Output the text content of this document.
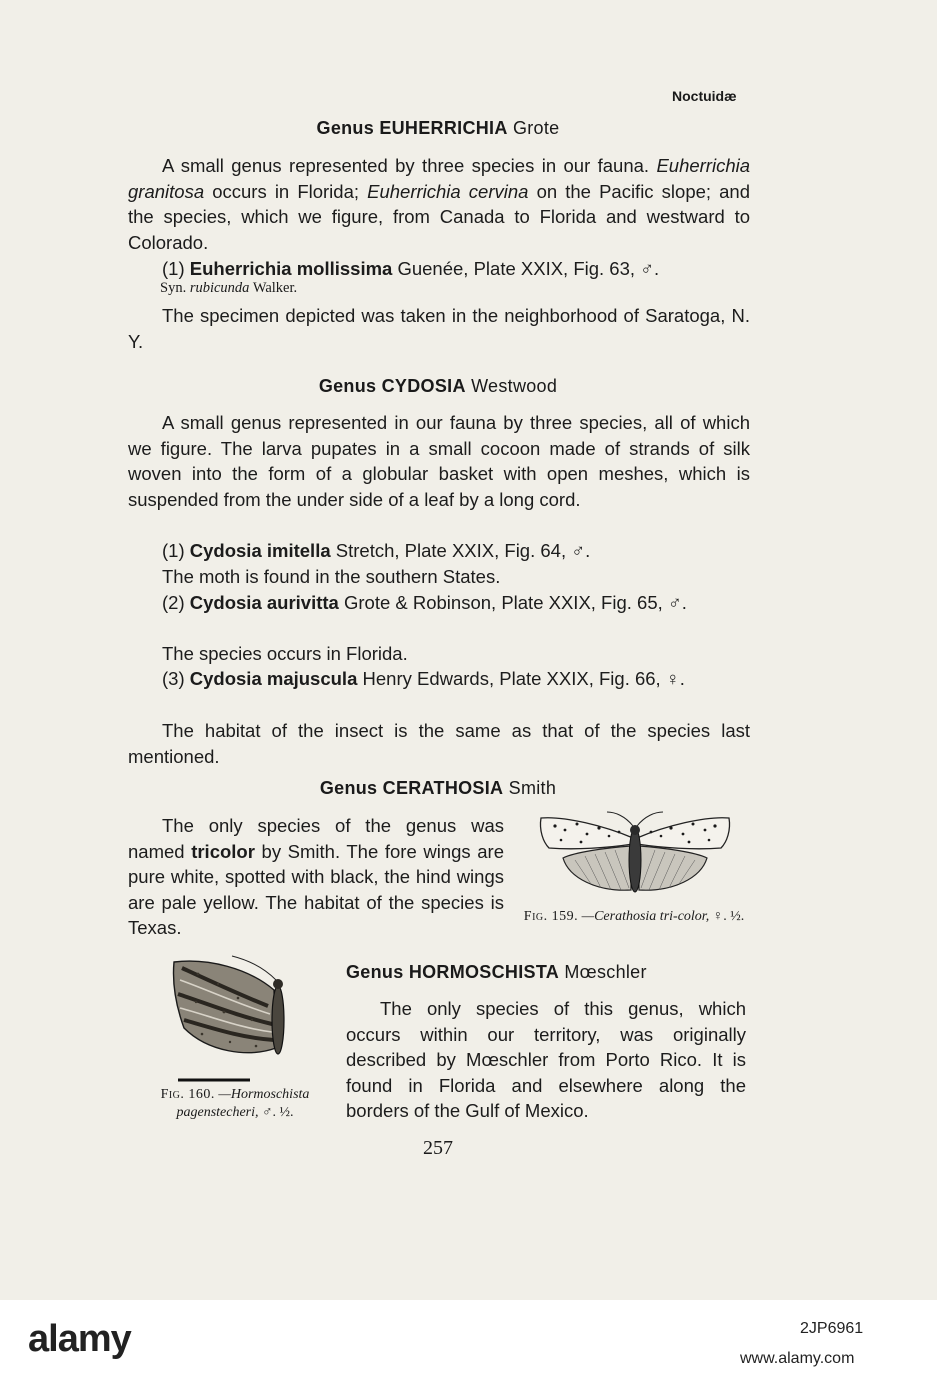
Noctuidæ
Genus EUHERRICHIA Grote
A small genus represented by three species in our fauna. Euherrichia granitosa occurs in Florida; Euherrichia cervina on the Pacific slope; and the species, which we figure, from Canada to Florida and westward to Colorado.
(1) Euherrichia mollissima Guenée, Plate XXIX, Fig. 63, ♂.
Syn. rubicunda Walker.
The specimen depicted was taken in the neighborhood of Saratoga, N. Y.
Genus CYDOSIA Westwood
A small genus represented in our fauna by three species, all of which we figure. The larva pupates in a small cocoon made of strands of silk woven into the form of a globular basket with open meshes, which is suspended from the under side of a leaf by a long cord.
(1) Cydosia imitella Stretch, Plate XXIX, Fig. 64, ♂.
The moth is found in the southern States.
(2) Cydosia aurivitta Grote & Robinson, Plate XXIX, Fig. 65, ♂.
The species occurs in Florida.
(3) Cydosia majuscula Henry Edwards, Plate XXIX, Fig. 66, ♀.
The habitat of the insect is the same as that of the species last mentioned.
Genus CERATHOSIA Smith
The only species of the genus was named tricolor by Smith. The fore wings are pure white, spotted with black, the hind wings are pale yellow. The habitat of the species is Texas.
Fig. 159. —Cerathosia tri-color, ♀. ½.
Fig. 160. —Hormoschista pagenstecheri, ♂. ½.
Genus HORMOSCHISTA Mœschler
The only species of this genus, which occurs within our territory, was originally described by Mœschler from Porto Rico. It is found in Florida and elsewhere along the borders of the Gulf of Mexico.
257
alamy	2JP6961
www.alamy.com
